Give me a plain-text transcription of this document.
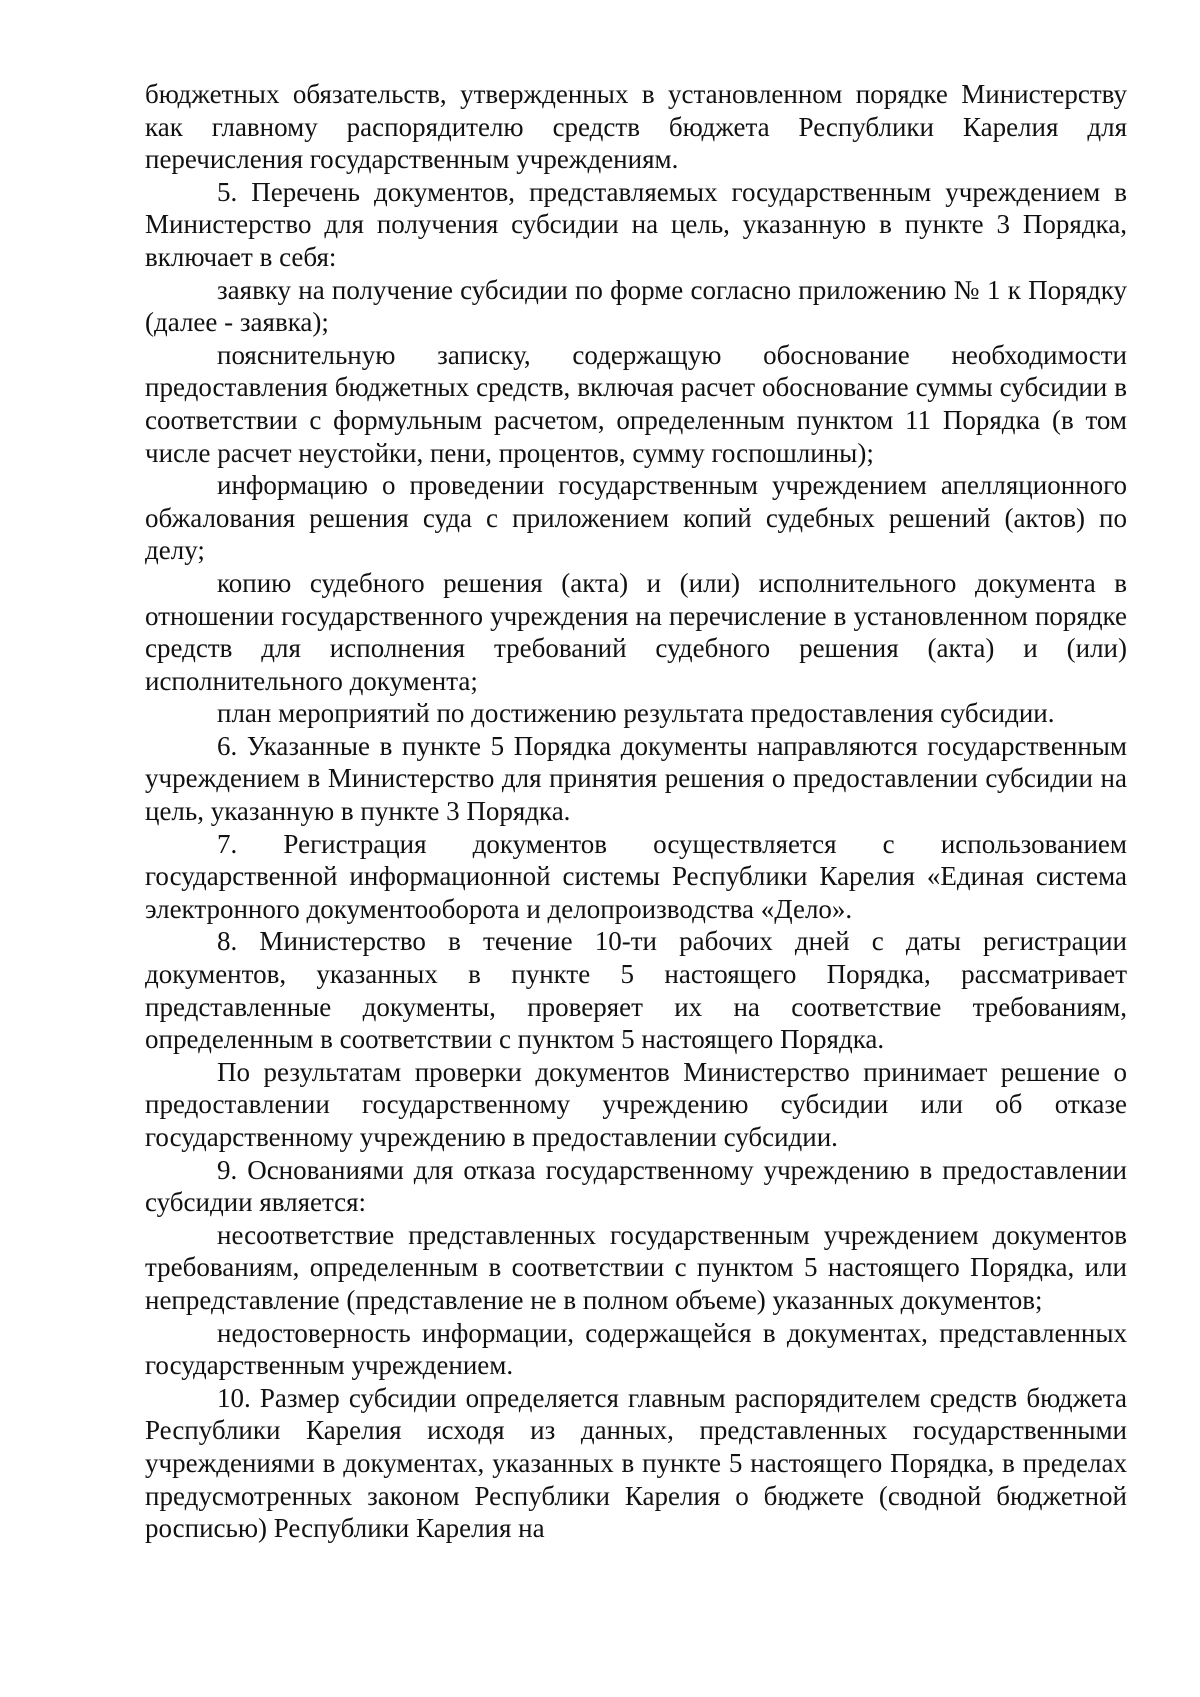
бюджетных обязательств, утвержденных в установленном порядке Министерству как главному распорядителю средств бюджета Республики Карелия для перечисления государственным учреждениям.

5. Перечень документов, представляемых государственным учреждением в Министерство для получения субсидии на цель, указанную в пункте 3 Порядка, включает в себя:

заявку на получение субсидии по форме согласно приложению № 1 к Порядку (далее - заявка);

пояснительную записку, содержащую обоснование необходимости предоставления бюджетных средств, включая расчет обоснование суммы субсидии в соответствии с формульным расчетом, определенным пунктом 11 Порядка (в том числе расчет неустойки, пени, процентов, сумму госпошлины);

информацию о проведении государственным учреждением апелляционного обжалования решения суда с приложением копий судебных решений (актов) по делу;

копию судебного решения (акта) и (или) исполнительного документа в отношении государственного учреждения на перечисление в установленном порядке средств для исполнения требований судебного решения (акта) и (или) исполнительного документа;

план мероприятий по достижению результата предоставления субсидии.

6. Указанные в пункте 5 Порядка документы направляются государственным учреждением в Министерство для принятия решения о предоставлении субсидии на цель, указанную в пункте 3 Порядка.

7. Регистрация документов осуществляется с использованием государственной информационной системы Республики Карелия «Единая система электронного документооборота и делопроизводства «Дело».

8. Министерство в течение 10-ти рабочих дней с даты регистрации документов, указанных в пункте 5 настоящего Порядка, рассматривает представленные документы, проверяет их на соответствие требованиям, определенным в соответствии с пунктом 5 настоящего Порядка.

По результатам проверки документов Министерство принимает решение о предоставлении государственному учреждению субсидии или об отказе государственному учреждению в предоставлении субсидии.

9. Основаниями для отказа государственному учреждению в предоставлении субсидии является:

несоответствие представленных государственным учреждением документов требованиям, определенным в соответствии с пунктом 5 настоящего Порядка, или непредставление (представление не в полном объеме) указанных документов;

недостоверность информации, содержащейся в документах, представленных государственным учреждением.

10. Размер субсидии определяется главным распорядителем средств бюджета Республики Карелия исходя из данных, представленных государственными учреждениями в документах, указанных в пункте 5 настоящего Порядка, в пределах предусмотренных законом Республики Карелия о бюджете (сводной бюджетной росписью) Республики Карелия на
